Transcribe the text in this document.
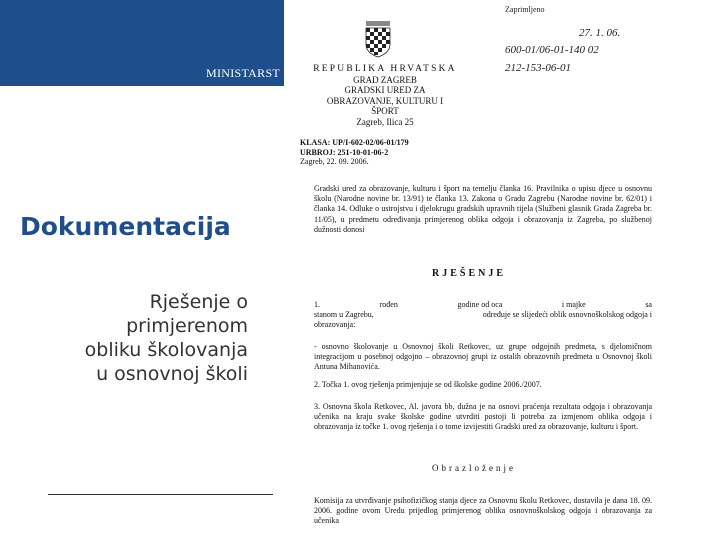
MINISTARST
Dokumentacija
Rješenje o
primjerenom
obliku školovanja
u osnovnoj školi
REPUBLIKA HRVATSKA
GRAD ZAGREB
GRADSKI URED ZA
OBRAZOVANJE, KULTURU I
ŠPORT
Zagreb, Ilica 25
Zaprimljeno
27. 1. 06.
600-01/06-01-140 02
212-153-06-01
KLASA: UP/I-602-02/06-01/179
URBROJ: 251-10-01-06-2
Zagreb, 22. 09. 2006.
Gradski ured za obrazovanje, kulturu i šport na temelju članka 16. Pravilnika o upisu djece u osnovnu školu (Narodne novine br. 13/91) te članka 13. Zakona o Gradu Zagrebu (Narodne novine br. 62/01) i članka 14. Odluke o ustrojstvu i djelokrugu gradskih upravnih tijela (Službeni glasnik Grada Zagreba br. 11/05), u predmetu određivanja primjerenog oblika odgoja i obrazovanja iz Zagreba, po službenoj dužnosti donosi
RJEŠENJE
1.	rođen	godine od oca	i majke	sa
stanom u Zagrebu,	određuje se slijedeći oblik osnovnoškolskog odgoja i
obrazovanja:
- osnovno školovanje u Osnovnoj školi Retkovec, uz grupe odgojnih predmeta, s djelomičnom integracijom u posebnoj odgojno – obrazovnoj grupi iz ostalih obrazovnih predmeta u Osnovnoj školi Antuna Mihanovića.
2. Točka 1. ovog rješenja primjenjuje se od školske godine 2006./2007.
3. Osnovna škola Retkovec, Al. javora bb, dužna je na osnovi praćenja rezultata odgoja i obrazovanja učenika na kraju svake školske godine utvrditi postoji li potreba za izmjenom oblika odgoja i obrazovanja iz točke 1. ovog rješenja i o tome izvijestiti Gradski ured za obrazovanje, kulturu i šport.
Obrazloženje
Komisija za utvrđivanje psihofizičkog stanja djece za Osnovnu školu Retkovec, dostavila je dana 18. 09. 2006. godine ovom Uredu prijedlog primjerenog oblika osnovnoškolskog odgoja i obrazovanja za učenika
